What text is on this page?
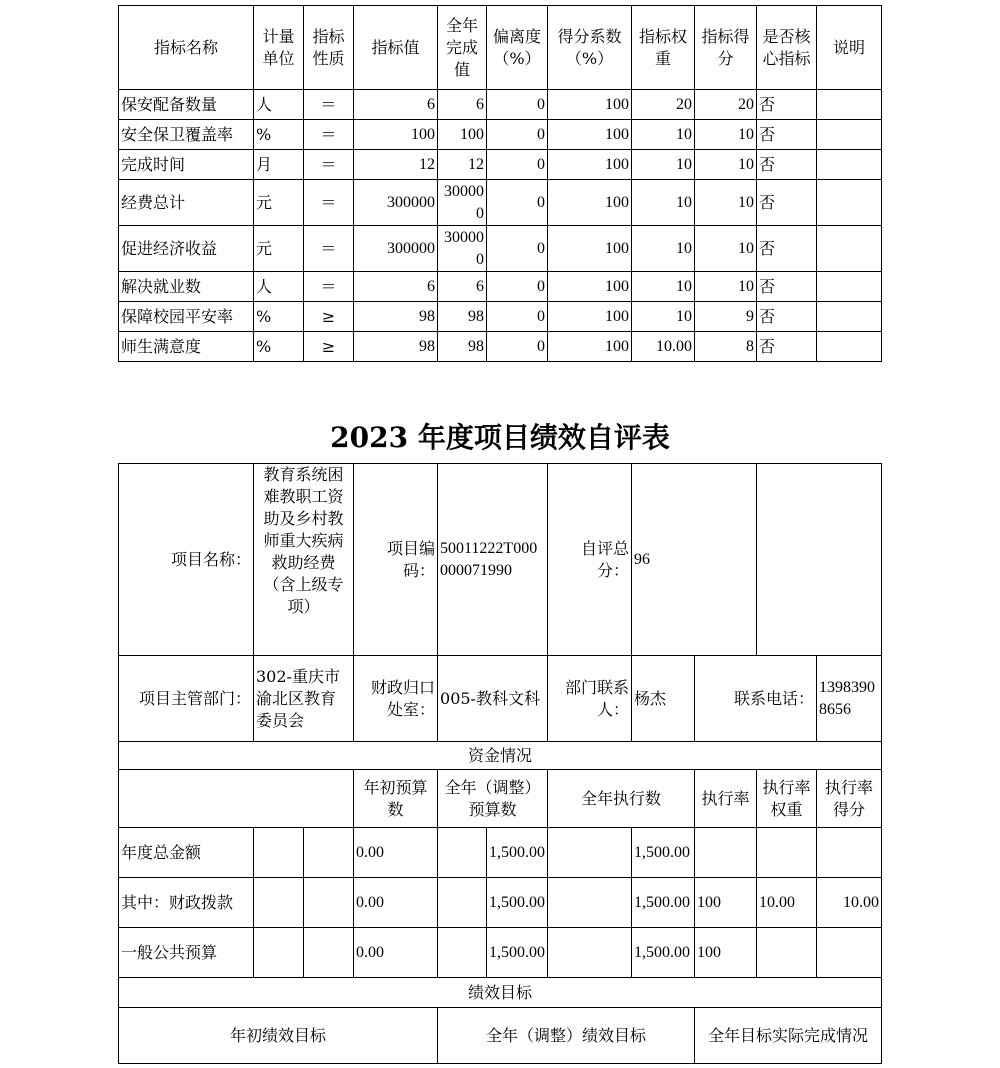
指标名称	计量单位	指标性质	指标值	全年完成值	偏离度（%）	得分系数（%）	指标权重	指标得分	是否核心指标	说明
保安配备数量	人	＝	6	6	0	100	20	20	否	
安全保卫覆盖率	%	＝	100	100	0	100	10	10	否	
完成时间	月	＝	12	12	0	100	10	10	否	
经费总计	元	＝	300000	300000	0	100	10	10	否	
促进经济收益	元	＝	300000	300000	0	100	10	10	否	
解决就业数	人	＝	6	6	0	100	10	10	否	
保障校园平安率	%	≥	98	98	0	100	10	9	否	
师生满意度	%	≥	98	98	0	100	10.00	8	否	
2023 年度项目绩效自评表
项目名称：	教育系统困难教职工资助及乡村教师重大疾病救助经费（含上级专项）		项目编码：	50011222T000000071990		自评总分：	96			
项目主管部门：	302-重庆市渝北区教育委员会		财政归口处室：	005-教科文科		部门联系人：	杨杰	联系电话：		13983908656
资金情况										
			年初预算数	全年（调整）预算数		全年执行数		执行率	执行率权重	执行率得分
年度总金额			0.00		1,500.00		1,500.00			
其中：财政拨款			0.00		1,500.00		1,500.00	100	10.00	10.00
一般公共预算			0.00		1,500.00		1,500.00	100		
绩效目标										
年初绩效目标				全年（调整）绩效目标				全年目标实际完成情况		
